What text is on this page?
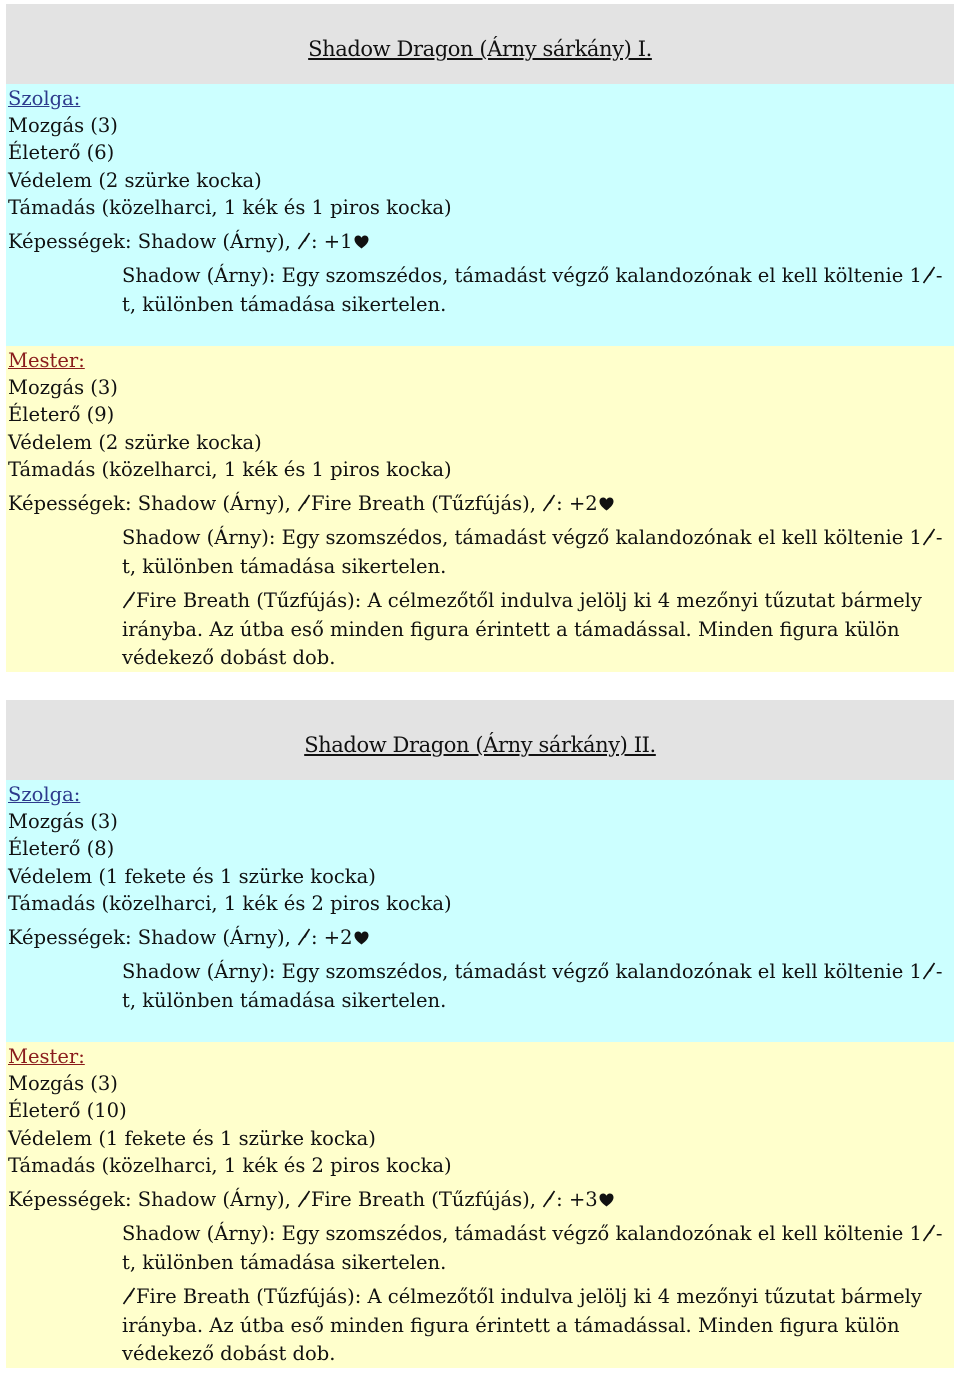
Shadow Dragon (Árny sárkány) I.
Szolga:
Mozgás (3)
Életerő (6)
Védelem (2 szürke kocka)
Támadás (közelharci, 1 kék és 1 piros kocka)
Képességek: Shadow (Árny), : +1
Shadow (Árny): Egy szomszédos, támadást végző kalandozónak el kell költenie 1 -t, különben támadása sikertelen.
Mester:
Mozgás (3)
Életerő (9)
Védelem (2 szürke kocka)
Támadás (közelharci, 1 kék és 1 piros kocka)
Képességek: Shadow (Árny), Fire Breath (Tűzfújás), : +2
Shadow (Árny): Egy szomszédos, támadást végző kalandozónak el kell költenie 1 -t, különben támadása sikertelen.
Fire Breath (Tűzfújás): A célmezőtől indulva jelölj ki 4 mezőnyi tűzutat bármely irányba. Az útba eső minden figura érintett a támadással. Minden figura külön védekező dobást dob.
Shadow Dragon (Árny sárkány) II.
Szolga:
Mozgás (3)
Életerő (8)
Védelem (1 fekete és 1 szürke kocka)
Támadás (közelharci, 1 kék és 2 piros kocka)
Képességek: Shadow (Árny), : +2
Shadow (Árny): Egy szomszédos, támadást végző kalandozónak el kell költenie 1 -t, különben támadása sikertelen.
Mester:
Mozgás (3)
Életerő (10)
Védelem (1 fekete és 1 szürke kocka)
Támadás (közelharci, 1 kék és 2 piros kocka)
Képességek: Shadow (Árny), Fire Breath (Tűzfújás), : +3
Shadow (Árny): Egy szomszédos, támadást végző kalandozónak el kell költenie 1 -t, különben támadása sikertelen.
Fire Breath (Tűzfújás): A célmezőtől indulva jelölj ki 4 mezőnyi tűzutat bármely irányba. Az útba eső minden figura érintett a támadással. Minden figura külön védekező dobást dob.
